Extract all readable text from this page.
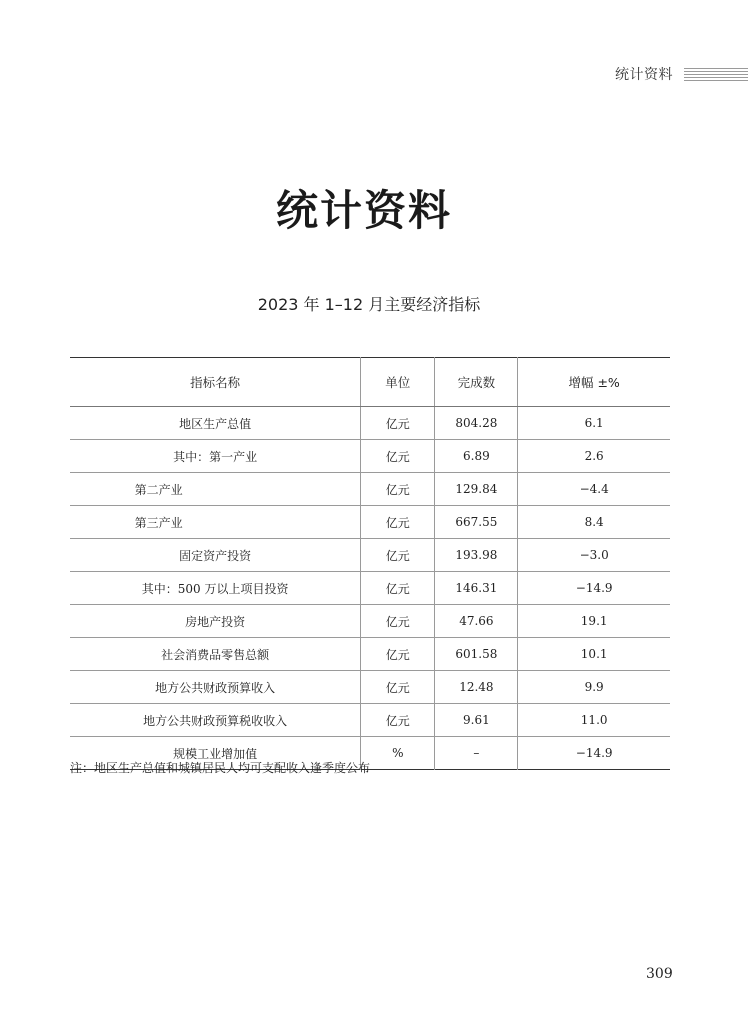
统计资料
统计资料
2023 年 1–12 月主要经济指标
指标名称	单位	完成数	增幅 ±%
地区生产总值	亿元	804.28	6.1
其中：第一产业	亿元	6.89	2.6
第二产业	亿元	129.84	−4.4
第三产业	亿元	667.55	8.4
固定资产投资	亿元	193.98	−3.0
其中：500 万以上项目投资	亿元	146.31	−14.9
房地产投资	亿元	47.66	19.1
社会消费品零售总额	亿元	601.58	10.1
地方公共财政预算收入	亿元	12.48	9.9
地方公共财政预算税收收入	亿元	9.61	11.0
规模工业增加值	%	–	−14.9
注：地区生产总值和城镇居民人均可支配收入逢季度公布
309
